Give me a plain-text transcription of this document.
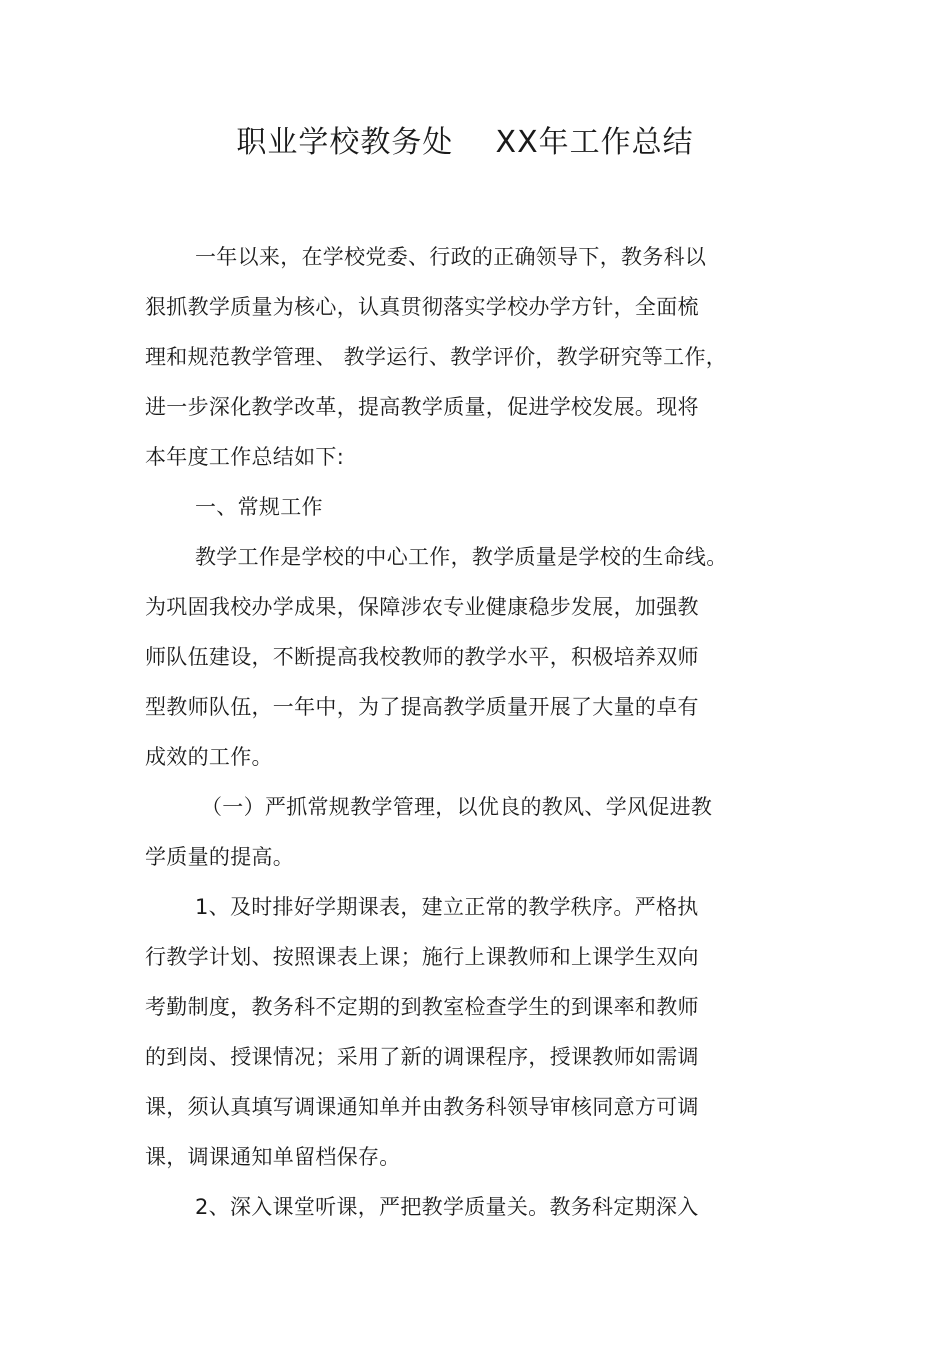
职业学校教务处    XX年工作总结
一年以来，在学校党委、行政的正确领导下，教务科以
狠抓教学质量为核心，认真贯彻落实学校办学方针，全面梳
理和规范教学管理、 教学运行、教学评价，教学研究等工作，
进一步深化教学改革，提高教学质量，促进学校发展。现将
本年度工作总结如下:
一、常规工作
教学工作是学校的中心工作，教学质量是学校的生命线。
为巩固我校办学成果，保障涉农专业健康稳步发展，加强教
师队伍建设，不断提高我校教师的教学水平，积极培养双师
型教师队伍，一年中，为了提高教学质量开展了大量的卓有
成效的工作。
（一）严抓常规教学管理，以优良的教风、学风促进教
学质量的提高。
1、及时排好学期课表，建立正常的教学秩序。严格执
行教学计划、按照课表上课；施行上课教师和上课学生双向
考勤制度，教务科不定期的到教室检查学生的到课率和教师
的到岗、授课情况；采用了新的调课程序，授课教师如需调
课，须认真填写调课通知单并由教务科领导审核同意方可调
课，调课通知单留档保存。
2、深入课堂听课，严把教学质量关。教务科定期深入
